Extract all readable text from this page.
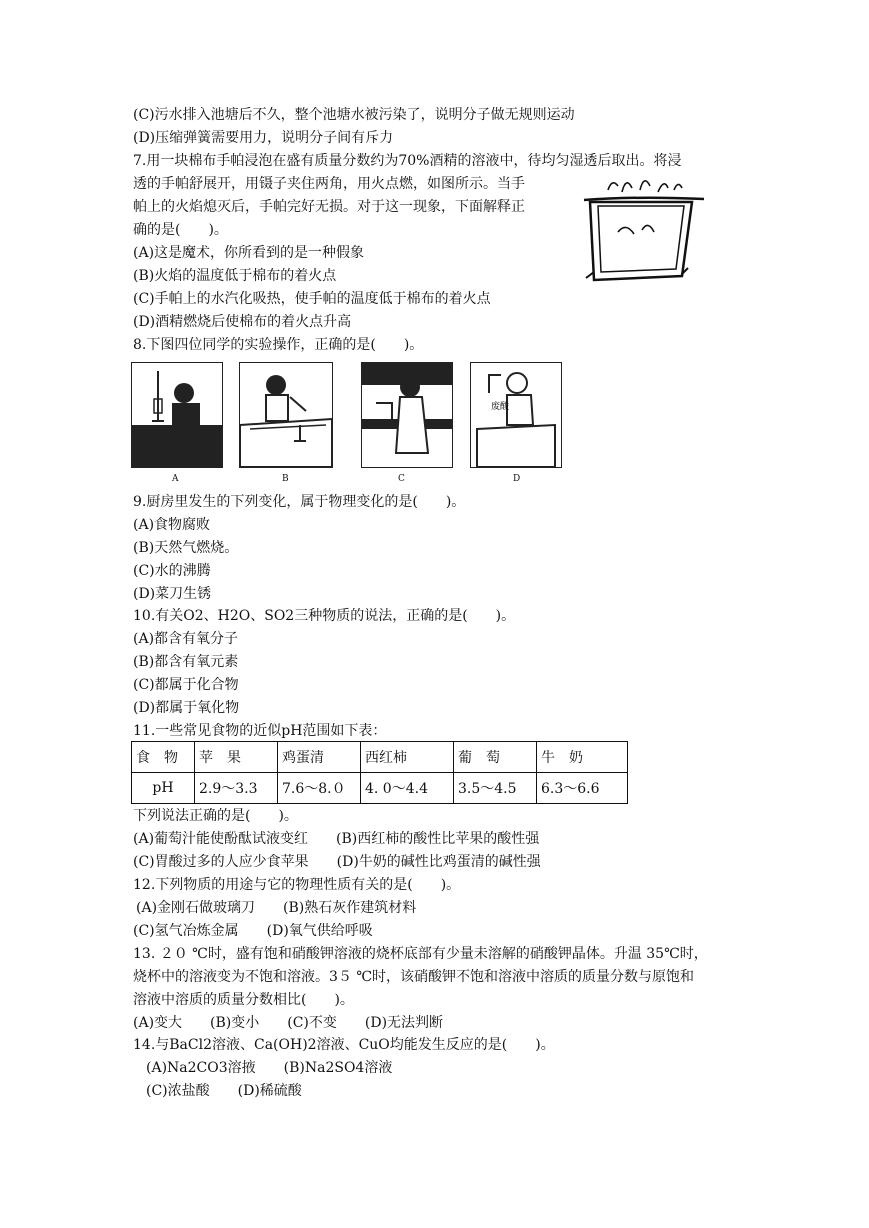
(C)污水排入池塘后不久，整个池塘水被污染了，说明分子做无规则运动
(D)压缩弹簧需要用力，说明分子间有斥力
7.用一块棉布手帕浸泡在盛有质量分数约为70%酒精的溶液中，待均匀湿透后取出。将浸
透的手帕舒展开，用镊子夹住两角，用火点燃，如图所示。当手
帕上的火焰熄灭后，手帕完好无损。对于这一现象，下面解释正
确的是(　　)。
(A)这是魔术，你所看到的是一种假象
(B)火焰的温度低于棉布的着火点
(C)手帕上的水汽化吸热，使手帕的温度低于棉布的着火点
(D)酒精燃烧后使棉布的着火点升高
8.下图四位同学的实验操作，正确的是(　　)。
废酸
A	B	C	D
9.厨房里发生的下列变化，属于物理变化的是(　　)。
(A)食物腐败
(B)天然气燃烧。
(C)水的沸腾
(D)菜刀生锈
10.有关O2、H2O、SO2三种物质的说法，正确的是(　　)。
(A)都含有氧分子
(B)都含有氧元素
(C)都属于化合物
(D)都属于氧化物
11.一些常见食物的近似pH范围如下表：
食　物	苹　果	鸡蛋清	西红柿	葡　萄	牛　奶
pH	2.9～3.3	7.6～8.０	4. 0～4.4	3.5～4.5	6.3～6.6
下列说法正确的是(　　)。
(A)葡萄汁能使酚酞试液变红　　(B)西红柿的酸性比苹果的酸性强
(C)胃酸过多的人应少食苹果　　(D)牛奶的碱性比鸡蛋清的碱性强
12.下列物质的用途与它的物理性质有关的是(　　)。
(A)金刚石做玻璃刀　　(B)熟石灰作建筑材料
(C)氢气冶炼金属　　(D)氧气供给呼吸
13. ２０ ℃时，盛有饱和硝酸钾溶液的烧杯底部有少量未溶解的硝酸钾晶体。升温 35℃时，
烧杯中的溶液变为不饱和溶液。3５ ℃时，该硝酸钾不饱和溶液中溶质的质量分数与原饱和
溶液中溶质的质量分数相比(　　)。
(A)变大　　(B)变小　　(C)不变　　(D)无法判断
14.与BaCl2溶液、Ca(OH)2溶液、CuO均能发生反应的是(　　)。
(A)Na2CO3溶掖　　(B)Na2SO4溶液
(C)浓盐酸　　(D)稀硫酸
